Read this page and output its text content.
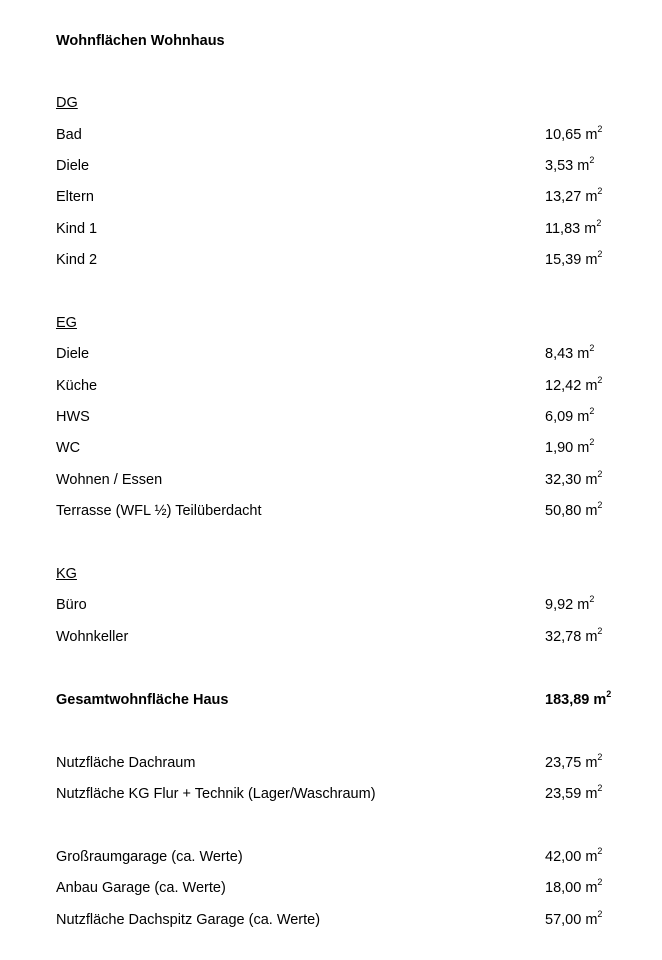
Wohnflächen Wohnhaus
DG
Bad	10,65 $m^2$
Diele	3,53 $m^2$
Eltern	13,27 $m^2$
Kind 1	11,83 $m^2$
Kind 2	15,39 $m^2$
EG
Diele	8,43 $m^2$
Küche	12,42 $m^2$
HWS	6,09 $m^2$
WC	1,90 $m^2$
Wohnen / Essen	32,30 $m^2$
Terrasse (WFL ½) Teilüberdacht	50,80 $m^2$
KG
Büro	9,92 $m^2$
Wohnkeller	32,78 $m^2$
Gesamtwohnfläche Haus	183,89 $m^2$
Nutzfläche Dachraum	23,75 $m^2$
Nutzfläche KG Flur + Technik (Lager/Waschraum)	23,59 $m^2$
Großraumgarage (ca. Werte)	42,00 $m^2$
Anbau Garage (ca. Werte)	18,00 $m^2$
Nutzfläche Dachspitz Garage (ca. Werte)	57,00 $m^2$
